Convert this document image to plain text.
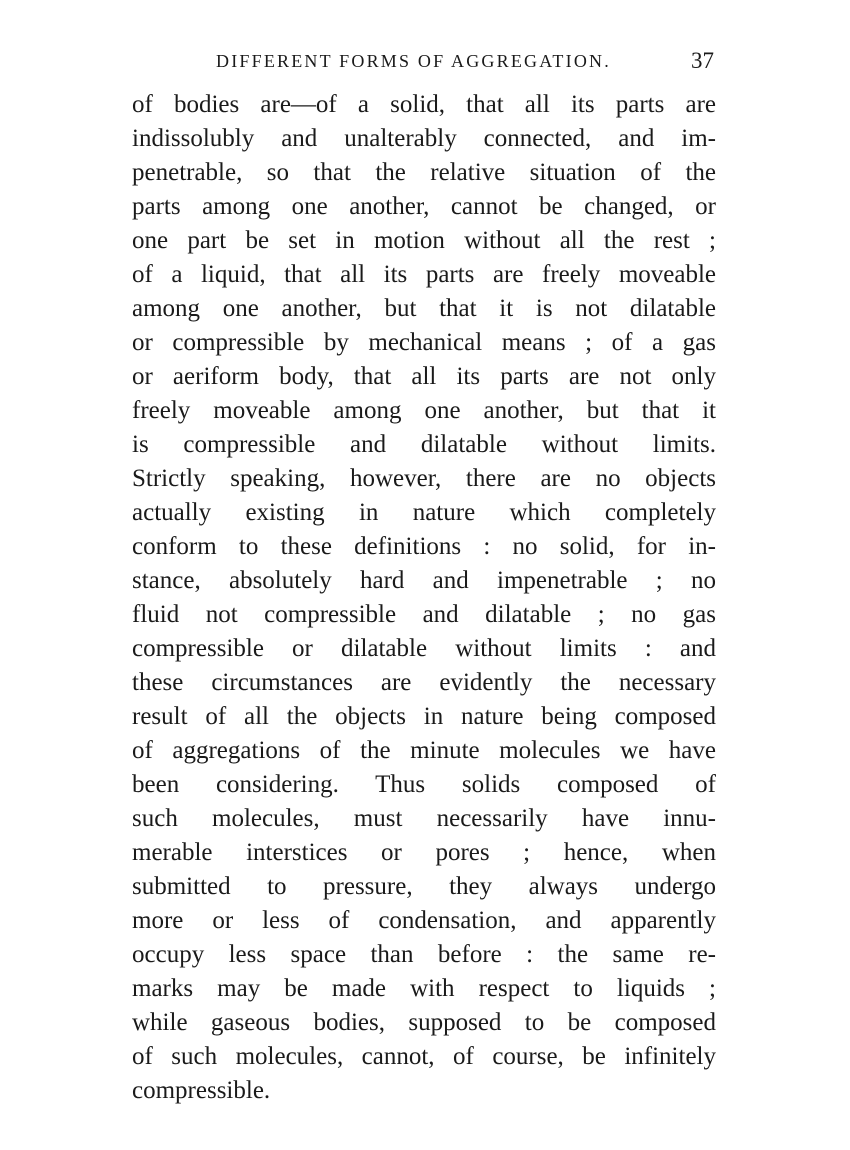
DIFFERENT FORMS OF AGGREGATION.	37
of bodies are—of a solid, that all its parts are
indissolubly and unalterably connected, and im-
penetrable, so that the relative situation of the
parts among one another, cannot be changed, or
one part be set in motion without all the rest ;
of a liquid, that all its parts are freely moveable
among one another, but that it is not dilatable
or compressible by mechanical means ; of a gas
or aeriform body, that all its parts are not only
freely moveable among one another, but that it
is compressible and dilatable without limits.
Strictly speaking, however, there are no objects
actually existing in nature which completely
conform to these definitions : no solid, for in-
stance, absolutely hard and impenetrable ; no
fluid not compressible and dilatable ; no gas
compressible or dilatable without limits : and
these circumstances are evidently the necessary
result of all the objects in nature being composed
of aggregations of the minute molecules we have
been considering. Thus solids composed of
such molecules, must necessarily have innu-
merable interstices or pores ; hence, when
submitted to pressure, they always undergo
more or less of condensation, and apparently
occupy less space than before : the same re-
marks may be made with respect to liquids ;
while gaseous bodies, supposed to be composed
of such molecules, cannot, of course, be infinitely
compressible.
